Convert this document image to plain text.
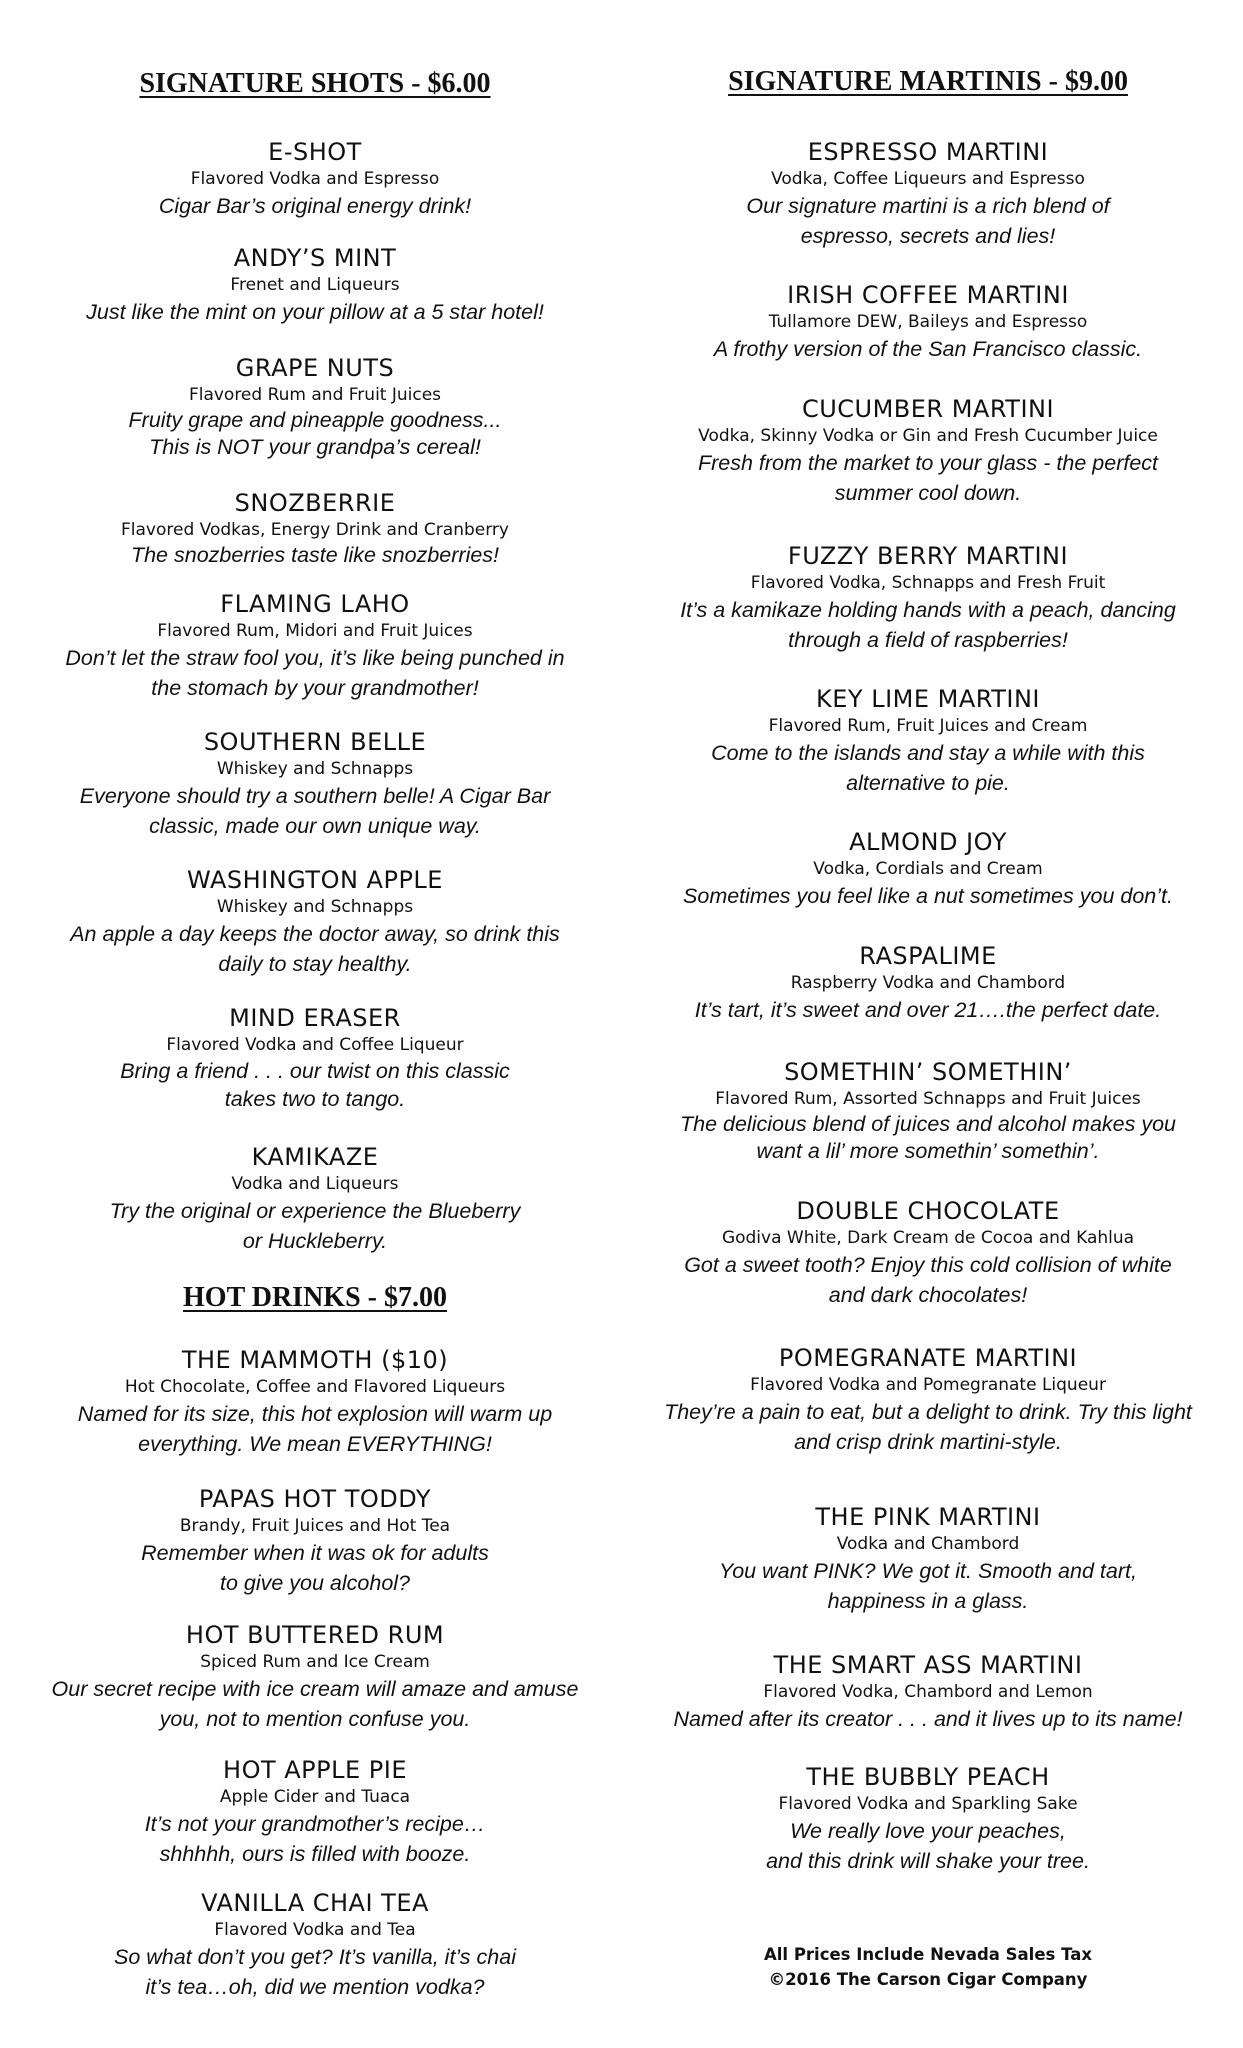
SIGNATURE SHOTS - $6.00
E-SHOT
Flavored Vodka and Espresso
Cigar Bar’s original energy drink!
ANDY’S MINT
Frenet and Liqueurs
Just like the mint on your pillow at a 5 star hotel!
GRAPE NUTS
Flavored Rum and Fruit Juices
Fruity grape and pineapple goodness...
This is NOT your grandpa’s cereal!
SNOZBERRIE
Flavored Vodkas, Energy Drink and Cranberry
The snozberries taste like snozberries!
FLAMING LAHO
Flavored Rum, Midori and Fruit Juices
Don’t let the straw fool you, it’s like being punched in
the stomach by your grandmother!
SOUTHERN BELLE
Whiskey and Schnapps
Everyone should try a southern belle! A Cigar Bar
classic, made our own unique way.
WASHINGTON APPLE
Whiskey and Schnapps
An apple a day keeps the doctor away, so drink this
daily to stay healthy.
MIND ERASER
Flavored Vodka and Coffee Liqueur
Bring a friend . . . our twist on this classic
takes two to tango.
KAMIKAZE
Vodka and Liqueurs
Try the original or experience the Blueberry
or Huckleberry.
HOT DRINKS - $7.00
THE MAMMOTH ($10)
Hot Chocolate, Coffee and Flavored Liqueurs
Named for its size, this hot explosion will warm up
everything. We mean EVERYTHING!
PAPAS HOT TODDY
Brandy, Fruit Juices and Hot Tea
Remember when it was ok for adults
to give you alcohol?
HOT BUTTERED RUM
Spiced Rum and Ice Cream
Our secret recipe with ice cream will amaze and amuse
you, not to mention confuse you.
HOT APPLE PIE
Apple Cider and Tuaca
It’s not your grandmother’s recipe…
shhhhh, ours is filled with booze.
VANILLA CHAI TEA
Flavored Vodka and Tea
So what don’t you get? It’s vanilla, it’s chai
it’s tea…oh, did we mention vodka?
SIGNATURE MARTINIS - $9.00
ESPRESSO MARTINI
Vodka, Coffee Liqueurs and Espresso
Our signature martini is a rich blend of
espresso, secrets and lies!
IRISH COFFEE MARTINI
Tullamore DEW, Baileys and Espresso
A frothy version of the San Francisco classic.
CUCUMBER MARTINI
Vodka, Skinny Vodka or Gin and Fresh Cucumber Juice
Fresh from the market to your glass - the perfect
summer cool down.
FUZZY BERRY MARTINI
Flavored Vodka, Schnapps and Fresh Fruit
It’s a kamikaze holding hands with a peach, dancing
through a field of raspberries!
KEY LIME MARTINI
Flavored Rum, Fruit Juices and Cream
Come to the islands and stay a while with this
alternative to pie.
ALMOND JOY
Vodka, Cordials and Cream
Sometimes you feel like a nut sometimes you don’t.
RASPALIME
Raspberry Vodka and Chambord
It’s tart, it’s sweet and over 21….the perfect date.
SOMETHIN’ SOMETHIN’
Flavored Rum, Assorted Schnapps and Fruit Juices
The delicious blend of juices and alcohol makes you
want a lil’ more somethin’ somethin’.
DOUBLE CHOCOLATE
Godiva White, Dark Cream de Cocoa and Kahlua
Got a sweet tooth? Enjoy this cold collision of white
and dark chocolates!
POMEGRANATE MARTINI
Flavored Vodka and Pomegranate Liqueur
They’re a pain to eat, but a delight to drink. Try this light
and crisp drink martini-style.
THE PINK MARTINI
Vodka and Chambord
You want PINK? We got it. Smooth and tart,
happiness in a glass.
THE SMART ASS MARTINI
Flavored Vodka, Chambord and Lemon
Named after its creator . . . and it lives up to its name!
THE BUBBLY PEACH
Flavored Vodka and Sparkling Sake
We really love your peaches,
and this drink will shake your tree.
All Prices Include Nevada Sales Tax
©2016 The Carson Cigar Company
